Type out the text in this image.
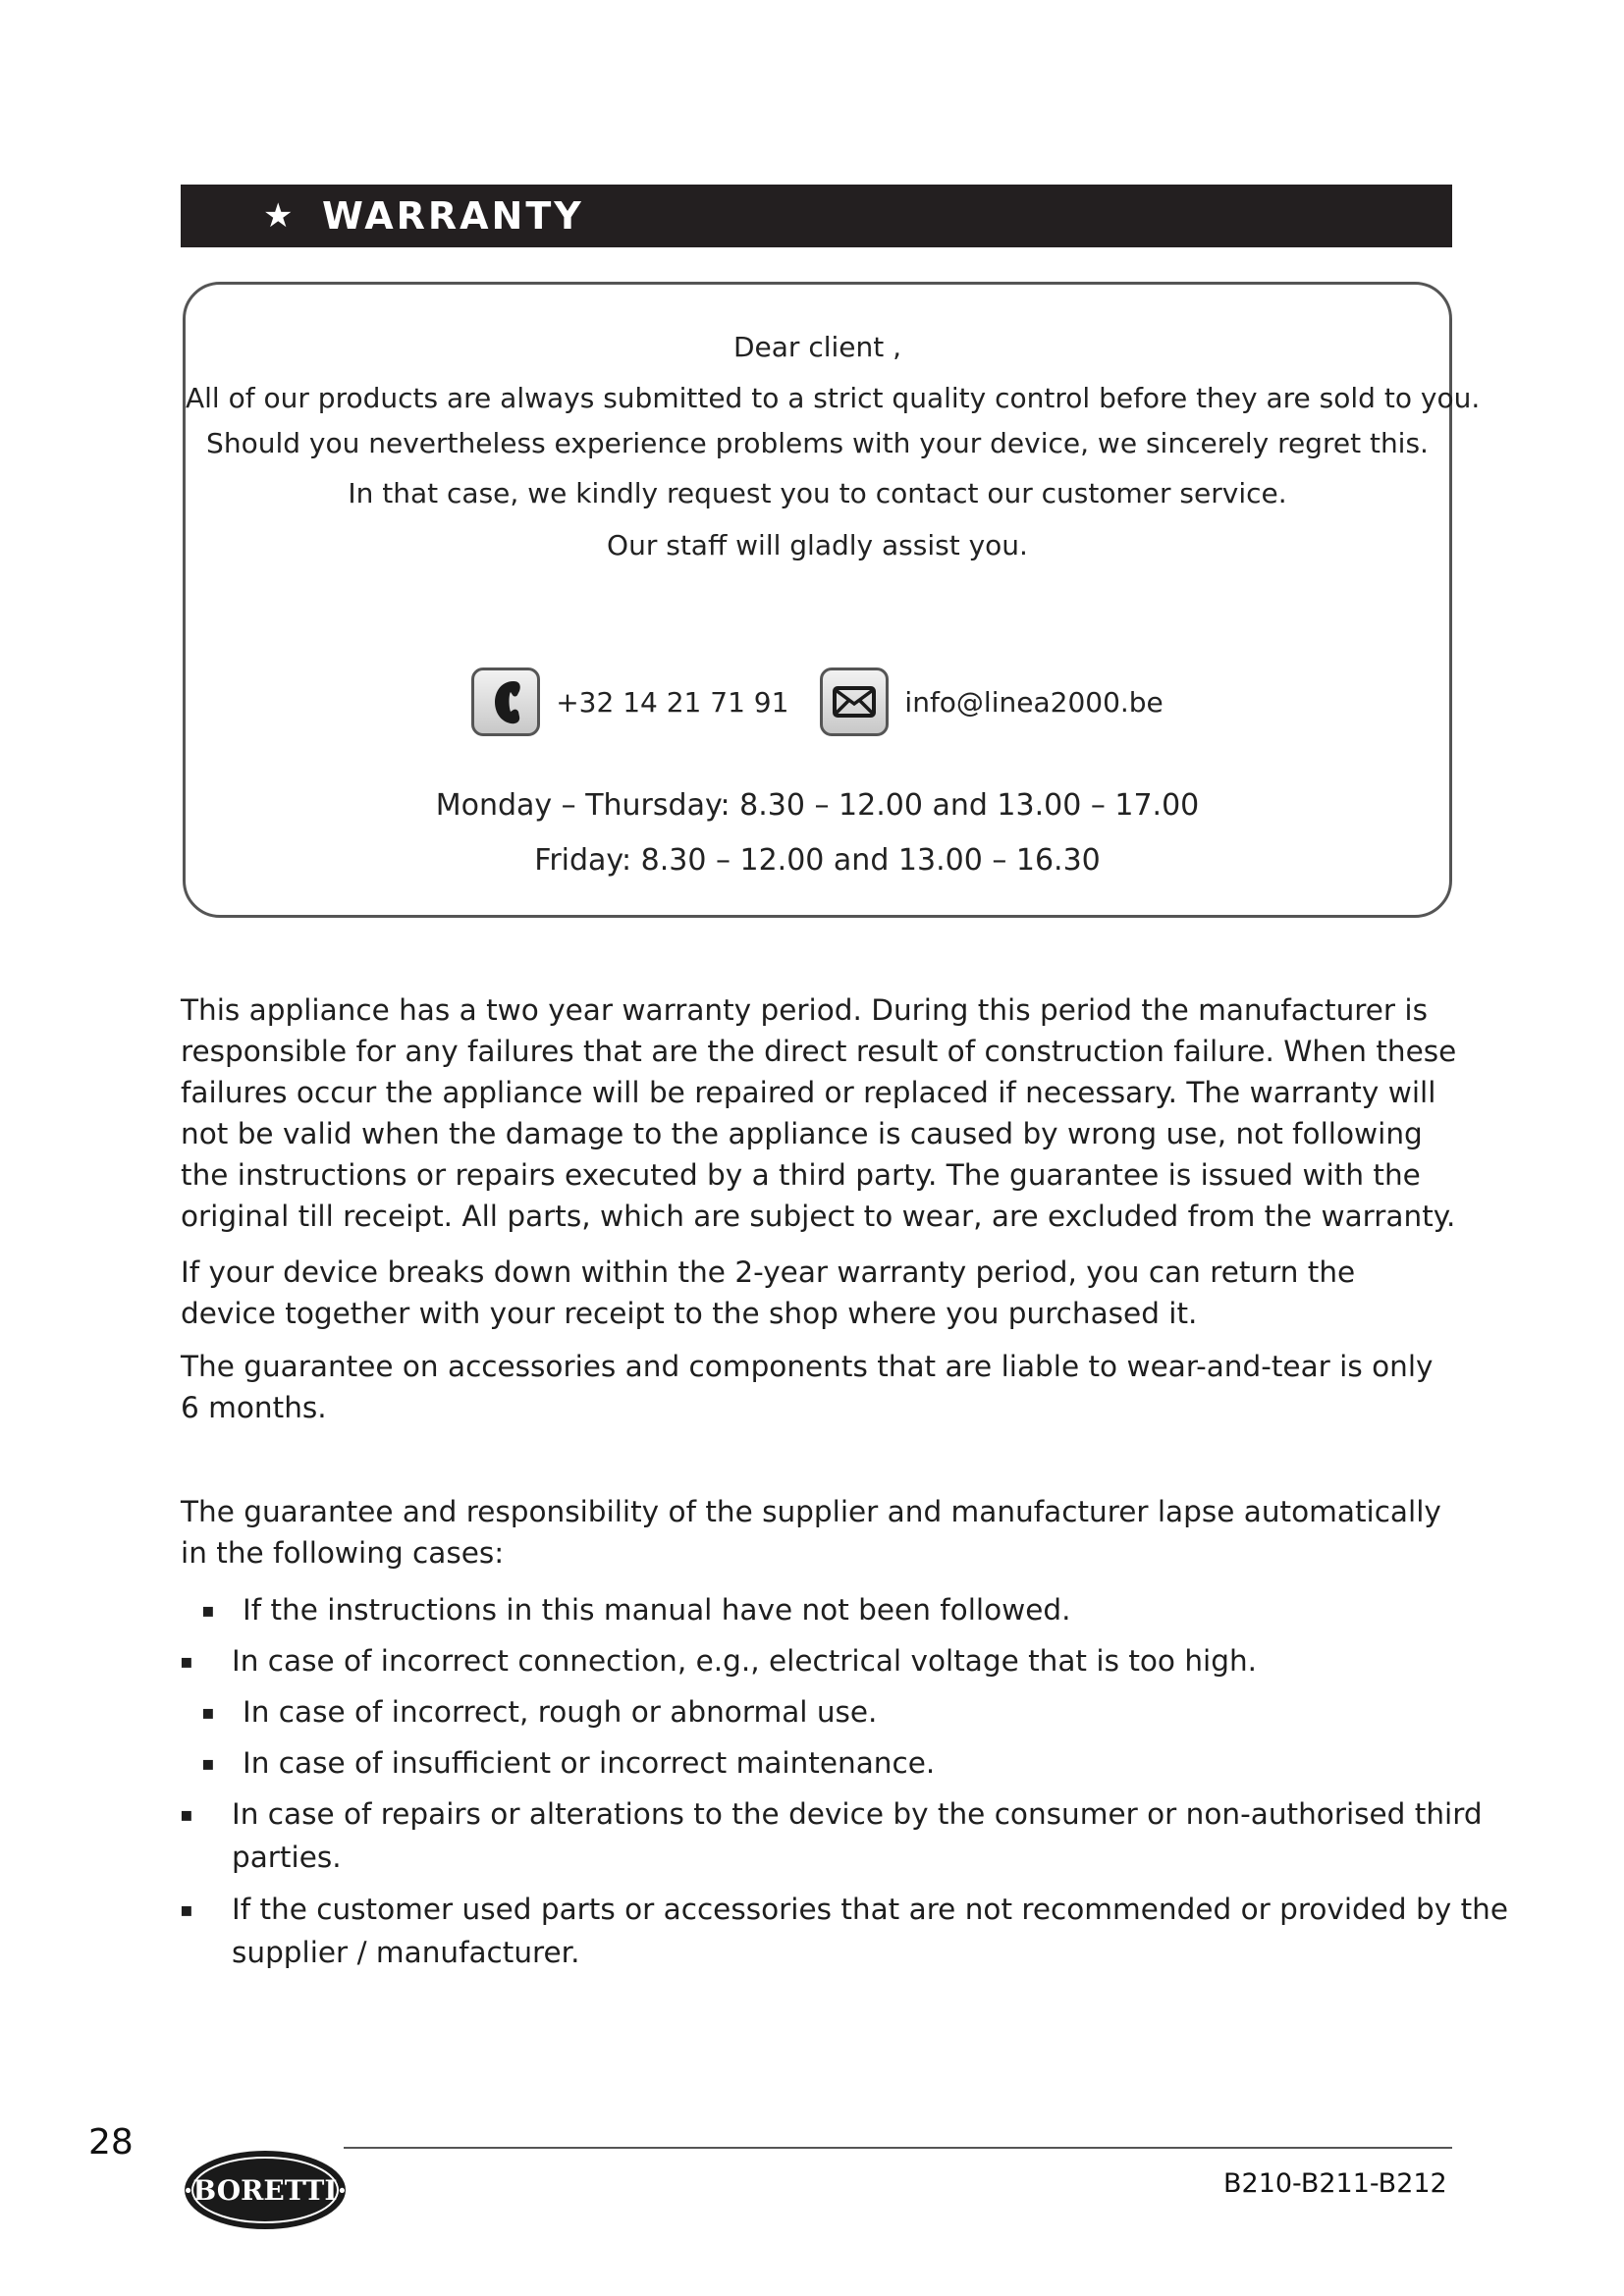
★ WARRANTY
Dear client ,
All of our products are always submitted to a strict quality control before they are sold to you.
Should you nevertheless experience problems with your device, we sincerely regret this.
In that case, we kindly request you to contact our customer service.
Our staff will gladly assist you.
+32 14 21 71 91	info@linea2000.be
Monday – Thursday: 8.30 – 12.00 and 13.00 – 17.00
Friday: 8.30 – 12.00 and 13.00 – 16.30

This appliance has a two year warranty period. During this period the manufacturer is responsible for any failures that are the direct result of construction failure. When these failures occur the appliance will be repaired or replaced if necessary. The warranty will not be valid when the damage to the appliance is caused by wrong use, not following the instructions or repairs executed by a third party. The guarantee is issued with the original till receipt. All parts, which are subject to wear, are excluded from the warranty.

If your device breaks down within the 2-year warranty period, you can return the device together with your receipt to the shop where you purchased it.

The guarantee on accessories and components that are liable to wear-and-tear is only 6 months.

The guarantee and responsibility of the supplier and manufacturer lapse automatically in the following cases:

▪ If the instructions in this manual have not been followed.
▪ In case of incorrect connection, e.g., electrical voltage that is too high.
▪ In case of incorrect, rough or abnormal use.
▪ In case of insufficient or incorrect maintenance.
▪ In case of repairs or alterations to the device by the consumer or non-authorised third
parties.
▪ If the customer used parts or accessories that are not recommended or provided by the
supplier / manufacturer.
28
·BORETTI·	B210-B211-B212
